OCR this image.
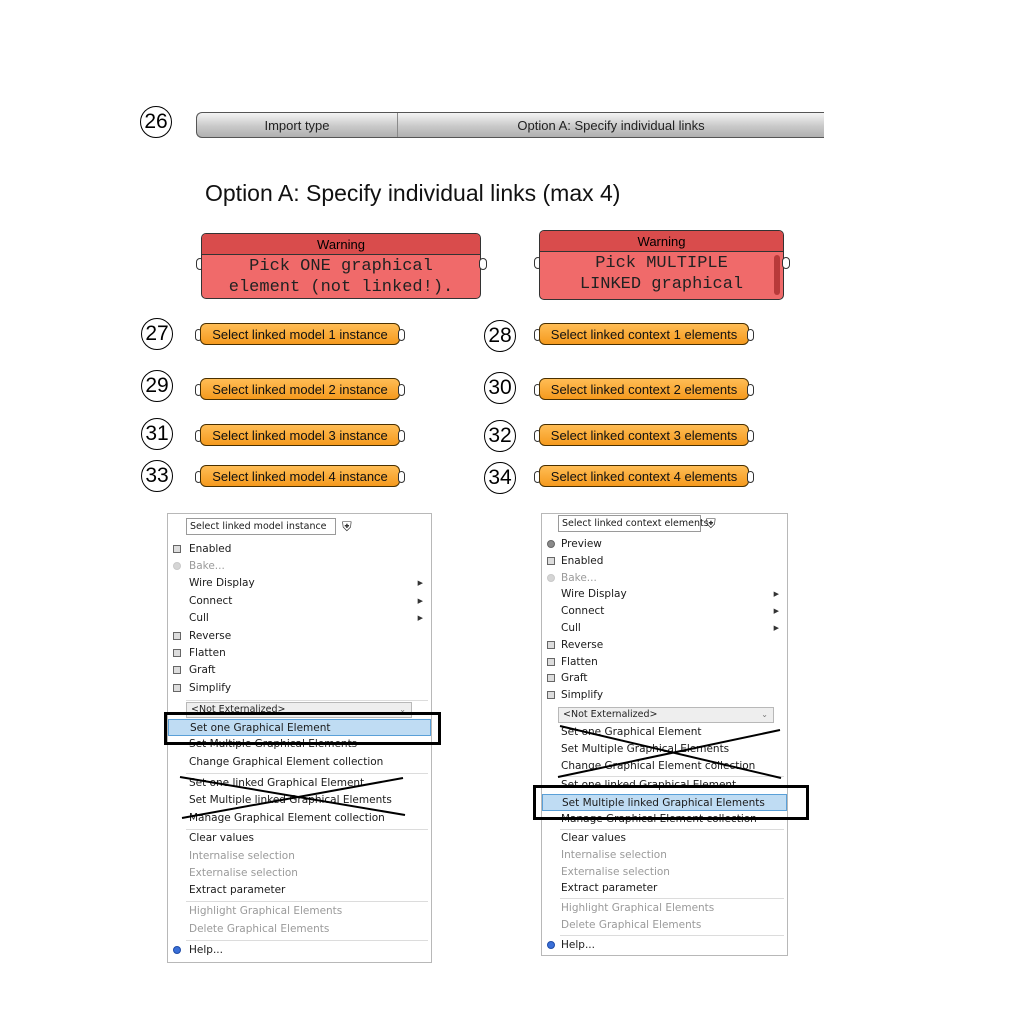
26
27	28
29	30
31	32
33	34
Import type	Option A: Specify individual links
Option A: Specify individual links (max 4)
Warning
Pick ONE graphical
element (not linked!).
Warning
Pick MULTIPLE
LINKED graphical
Select linked model 1 instance
Select linked model 2 instance
Select linked model 3 instance
Select linked model 4 instance
Select linked context 1 elements
Select linked context 2 elements
Select linked context 3 elements
Select linked context 4 elements
Select linked model instance	⛨
Enabled
Bake...
Wire Display	▶
Connect	▶
Cull	▶
Reverse
Flatten
Graft
Simplify
<Not Externalized>	⌄
Set one Graphical Element
Set Multiple Graphical Elements
Change Graphical Element collection
Set one linked Graphical Element
Set Multiple linked Graphical Elements
Manage Graphical Element collection
Clear values
Internalise selection
Externalise selection
Extract parameter
Highlight Graphical Elements
Delete Graphical Elements
Help...
Select linked context elements
⛨
Preview
Enabled
Bake...
Wire Display	▶
Connect	▶
Cull	▶
Reverse
Flatten
Graft
Simplify
<Not Externalized>	⌄
Set one Graphical Element
Set Multiple Graphical Elements
Change Graphical Element collection
Set one linked Graphical Element
Set Multiple linked Graphical Elements
Manage Graphical Element collection
Clear values
Internalise selection
Externalise selection
Extract parameter
Highlight Graphical Elements
Delete Graphical Elements
Help...
